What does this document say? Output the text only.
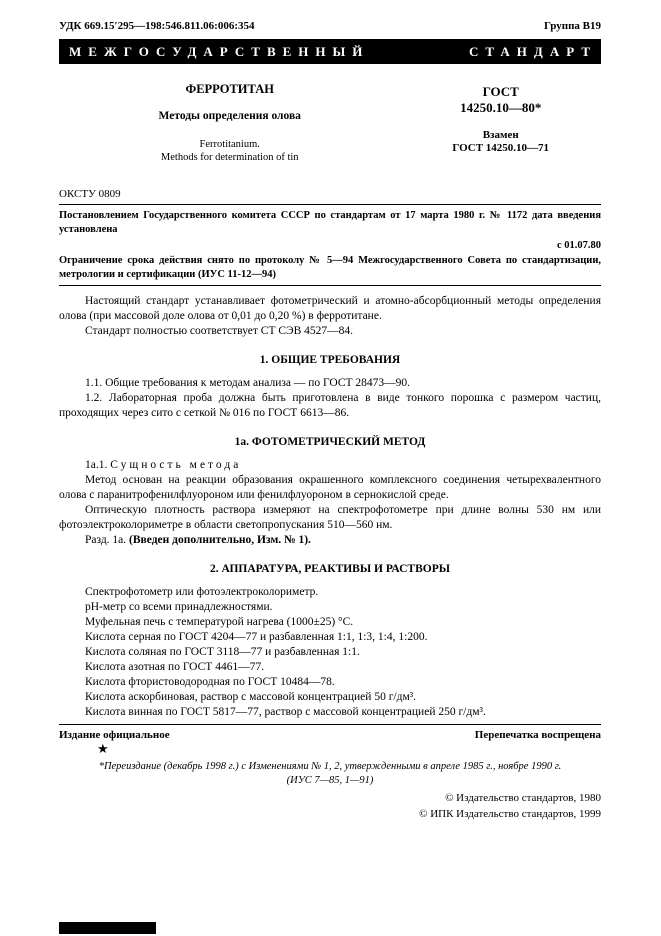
УДК 669.15′295—198:546.811.06:006:354	Группа В19
МЕЖГОСУДАРСТВЕННЫЙ	СТАНДАРТ
ФЕРРОТИТАН
Методы определения олова
Ferrotitanium.
Methods for determination of tin
ГОСТ
14250.10—80*
Взамен
ГОСТ 14250.10—71
ОКСТУ 0809

Постановлением Государственного комитета СССР по стандартам от 17 марта 1980 г. № 1172 дата введения установлена

с 01.07.80

Ограничение срока действия снято по протоколу № 5—94 Межгосударственного Совета по стандартизации, метрологии и сертификации (ИУС 11-12—94)

Настоящий стандарт устанавливает фотометрический и атомно-абсорбционный методы определения олова (при массовой доле олова от 0,01 до 0,20 %) в ферротитане.

Стандарт полностью соответствует СТ СЭВ 4527—84.

1. ОБЩИЕ ТРЕБОВАНИЯ

1.1. Общие требования к методам анализа — по ГОСТ 28473—90.

1.2. Лабораторная проба должна быть приготовлена в виде тонкого порошка с размером частиц, проходящих через сито с сеткой № 016 по ГОСТ 6613—86.

1а. ФОТОМЕТРИЧЕСКИЙ МЕТОД

1а.1. Сущность метода

Метод основан на реакции образования окрашенного комплексного соединения четырехвалентного олова с паранитрофенилфлуороном или фенилфлуороном в сернокислой среде.

Оптическую плотность раствора измеряют на спектрофотометре при длине волны 530 нм или фотоэлектроколориметре в области светопропускания 510—560 нм.

Разд. 1а. (Введен дополнительно, Изм. № 1).

2. АППАРАТУРА, РЕАКТИВЫ И РАСТВОРЫ

Спектрофотометр или фотоэлектроколориметр.

рН-метр со всеми принадлежностями.

Муфельная печь с температурой нагрева (1000±25) °С.

Кислота серная по ГОСТ 4204—77 и разбавленная 1:1, 1:3, 1:4, 1:200.

Кислота соляная по ГОСТ 3118—77 и разбавленная 1:1.

Кислота азотная по ГОСТ 4461—77.

Кислота фтористоводородная по ГОСТ 10484—78.

Кислота аскорбиновая, раствор с массовой концентрацией 50 г/дм³.

Кислота винная по ГОСТ 5817—77, раствор с массовой концентрацией 250 г/дм³.

Издание официальное	Перепечатка воспрещена
★

*Переиздание (декабрь 1998 г.) с Изменениями № 1, 2, утвержденными в апреле 1985 г., ноябре 1990 г. (ИУС 7—85, 1—91)

© Издательство стандартов, 1980
© ИПК Издательство стандартов, 1999
